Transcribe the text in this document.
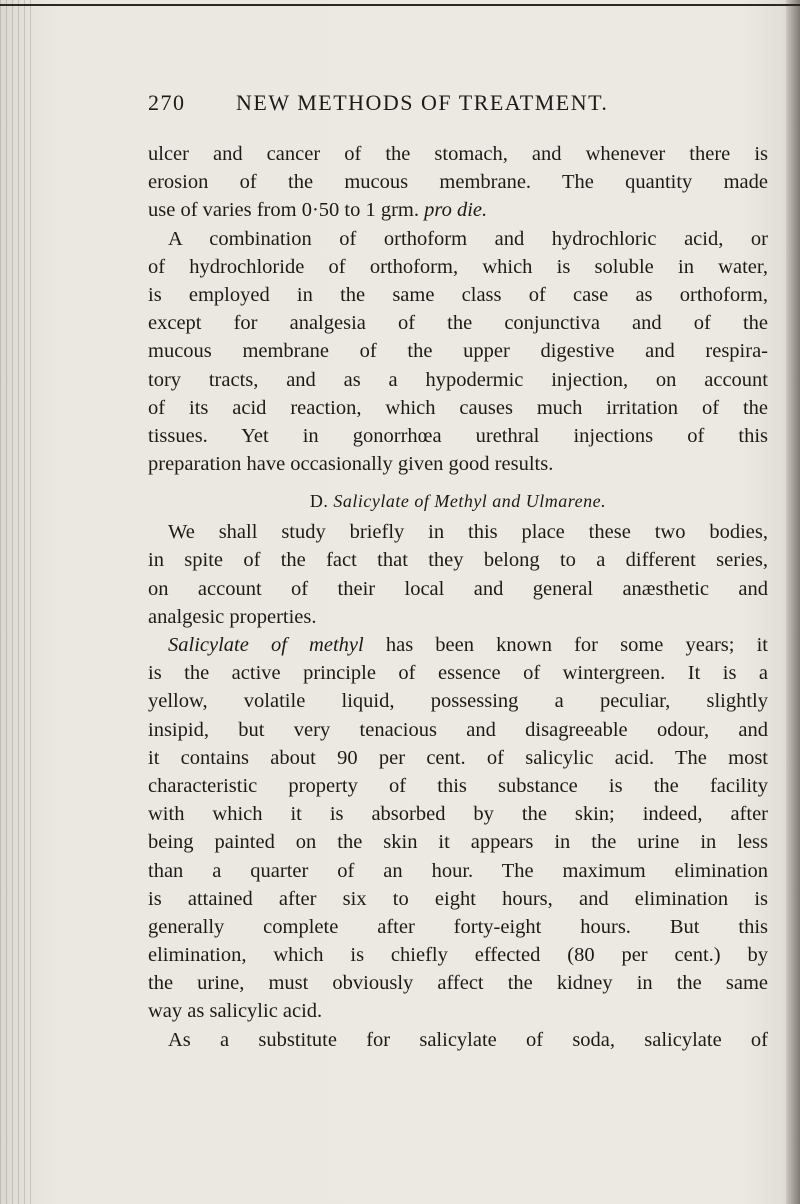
270 NEW METHODS OF TREATMENT.
ulcer and cancer of the stomach, and whenever there is
erosion of the mucous membrane. The quantity made
use of varies from 0·50 to 1 grm. pro die.
A combination of orthoform and hydrochloric acid, or
of hydrochloride of orthoform, which is soluble in water,
is employed in the same class of case as orthoform,
except for analgesia of the conjunctiva and of the
mucous membrane of the upper digestive and respira-
tory tracts, and as a hypodermic injection, on account
of its acid reaction, which causes much irritation of the
tissues. Yet in gonorrhœa urethral injections of this
preparation have occasionally given good results.
D. Salicylate of Methyl and Ulmarene.
We shall study briefly in this place these two bodies,
in spite of the fact that they belong to a different series,
on account of their local and general anæsthetic and
analgesic properties.
Salicylate of methyl has been known for some years; it
is the active principle of essence of wintergreen. It is a
yellow, volatile liquid, possessing a peculiar, slightly
insipid, but very tenacious and disagreeable odour, and
it contains about 90 per cent. of salicylic acid. The most
characteristic property of this substance is the facility
with which it is absorbed by the skin; indeed, after
being painted on the skin it appears in the urine in less
than a quarter of an hour. The maximum elimination
is attained after six to eight hours, and elimination is
generally complete after forty-eight hours. But this
elimination, which is chiefly effected (80 per cent.) by
the urine, must obviously affect the kidney in the same
way as salicylic acid.
As a substitute for salicylate of soda, salicylate of
